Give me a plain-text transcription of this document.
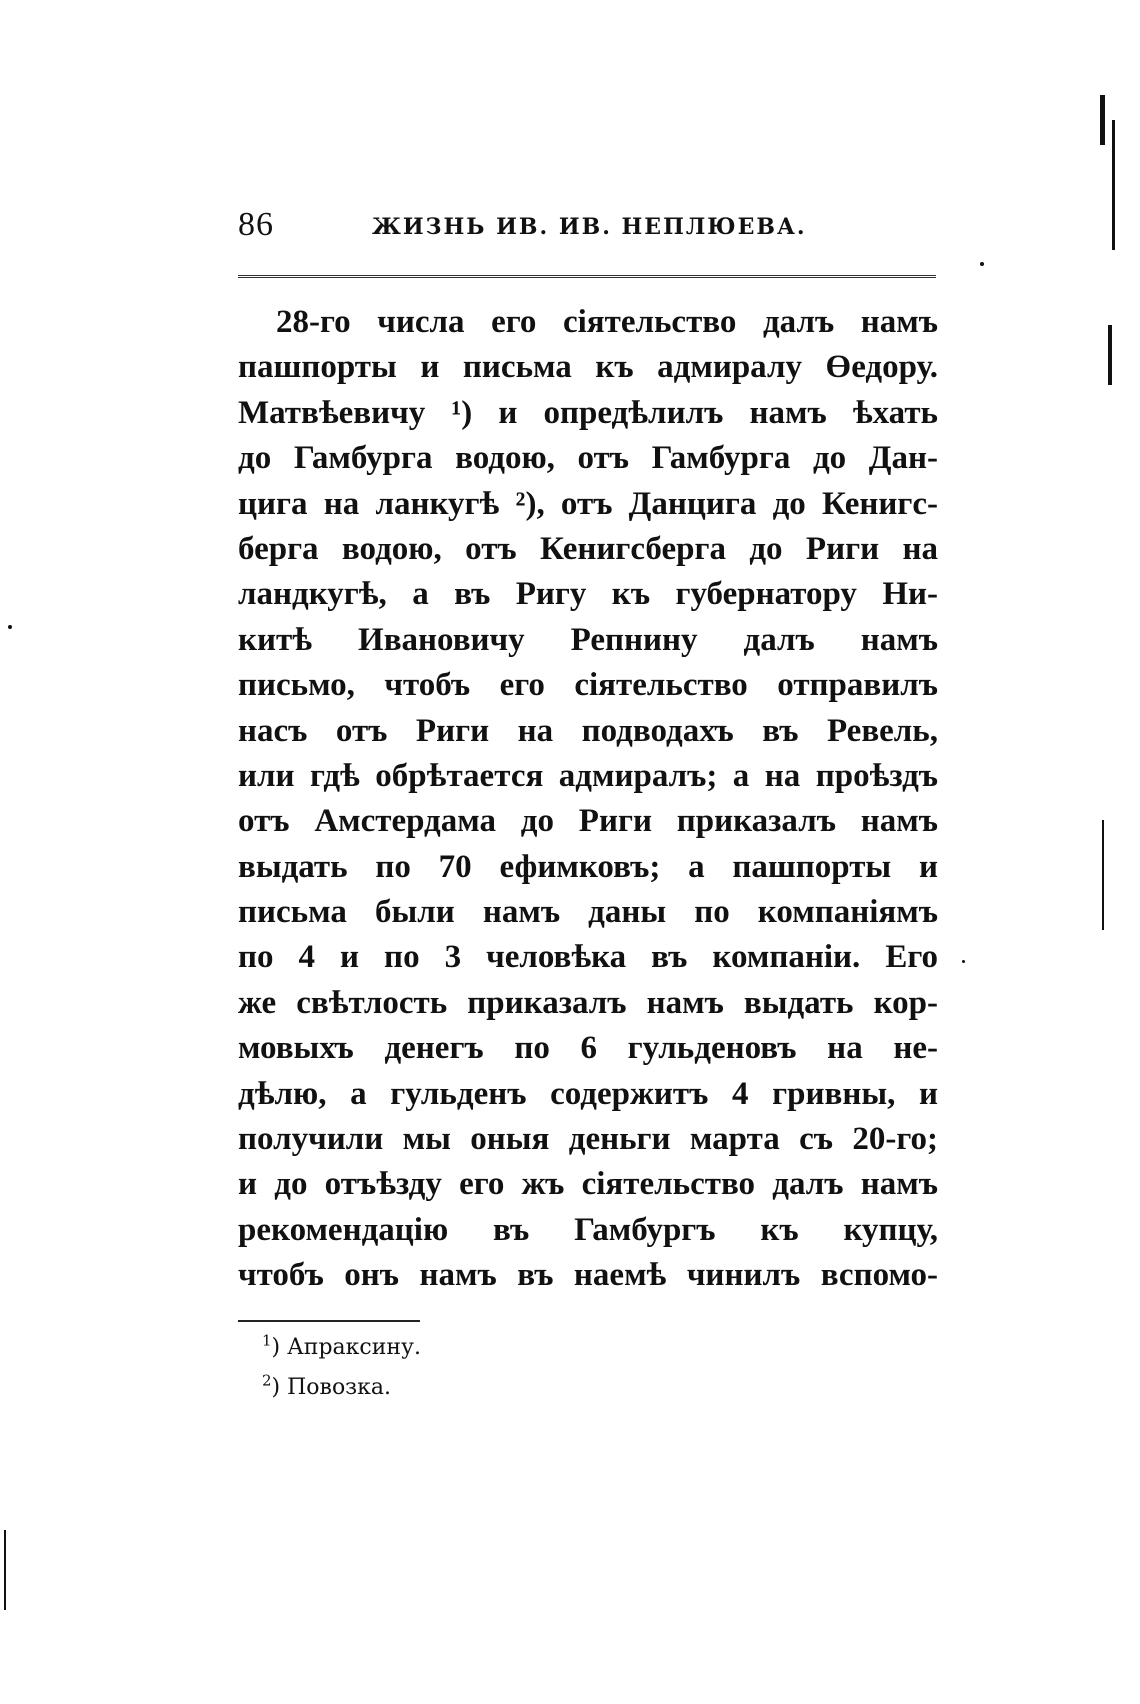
86	ЖИЗНЬ ИВ. ИВ. НЕПЛЮЕВА.
28-го числа его сіятельство далъ намъ
пашпорты и письма къ адмиралу Өедору.
Матвѣевичу ¹) и опредѣлилъ намъ ѣхать
до Гамбурга водою, отъ Гамбурга до Дан-
цига на ланкугѣ ²), отъ Данцига до Кенигс-
берга водою, отъ Кенигсберга до Риги на
ландкугѣ, а въ Ригу къ губернатору Ни-
китѣ Ивановичу Репнину далъ намъ
письмо, чтобъ его сіятельство отправилъ
насъ отъ Риги на подводахъ въ Ревель,
или гдѣ обрѣтается адмиралъ; а на проѣздъ
отъ Амстердама до Риги приказалъ намъ
выдать по 70 ефимковъ; а пашпорты и
письма были намъ даны по компаніямъ
по 4 и по 3 человѣка въ компаніи. Его
же свѣтлость приказалъ намъ выдать кор-
мовыхъ денегъ по 6 гульденовъ на не-
дѣлю, а гульденъ содержитъ 4 гривны, и
получили мы оныя деньги марта съ 20-го;
и до отъѣзду его жъ сіятельство далъ намъ
рекомендацію въ Гамбургъ къ купцу,
чтобъ онъ намъ въ наемѣ чинилъ вспомо-
$^1$) Апраксину.
$^2$) Повозка.
